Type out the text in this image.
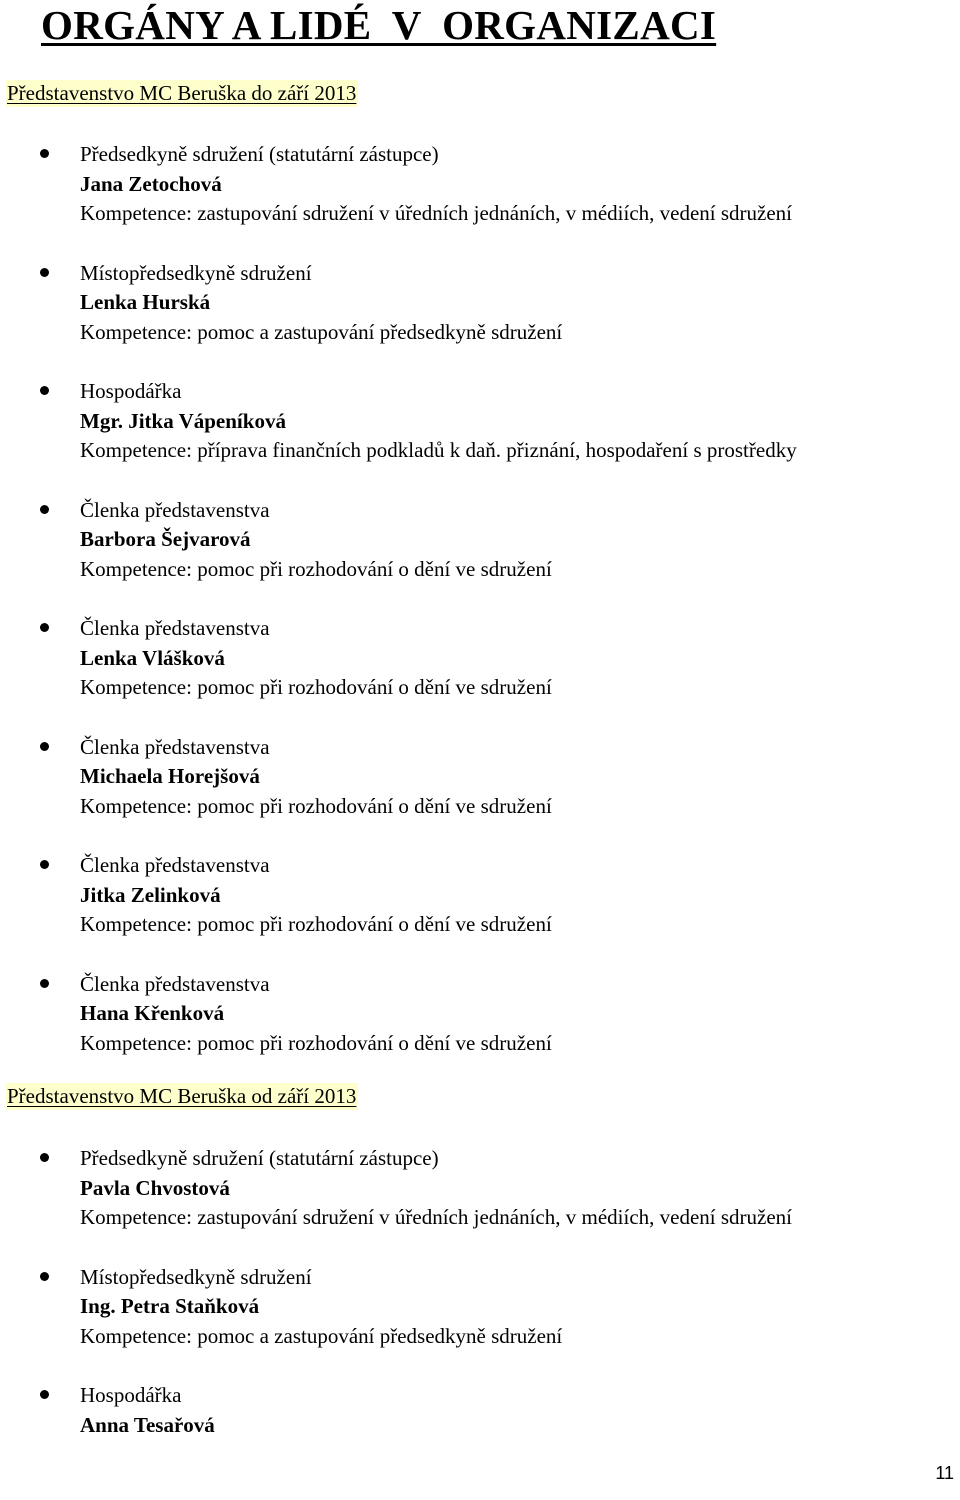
ORGÁNY A LIDÉ  V  ORGANIZACI
Představenstvo MC Beruška do září 2013
Předsedkyně sdružení (statutární zástupce)
Jana Zetochová
Kompetence: zastupování sdružení v úředních jednáních, v médiích, vedení sdružení
Místopředsedkyně sdružení
Lenka Hurská
Kompetence: pomoc a zastupování předsedkyně sdružení
Hospodářka
Mgr. Jitka Vápeníková
Kompetence: příprava finančních podkladů k daň. přiznání, hospodaření s prostředky
Členka představenstva
Barbora Šejvarová
Kompetence: pomoc při rozhodování o dění ve sdružení
Členka představenstva
Lenka Vlášková
Kompetence: pomoc při rozhodování o dění ve sdružení
Členka představenstva
Michaela Horejšová
Kompetence: pomoc při rozhodování o dění ve sdružení
Členka představenstva
Jitka Zelinková
Kompetence: pomoc při rozhodování o dění ve sdružení
Členka představenstva
Hana Křenková
Kompetence: pomoc při rozhodování o dění ve sdružení
Představenstvo MC Beruška od září 2013
Předsedkyně sdružení (statutární zástupce)
Pavla Chvostová
Kompetence: zastupování sdružení v úředních jednáních, v médiích, vedení sdružení
Místopředsedkyně sdružení
Ing. Petra Staňková
Kompetence: pomoc a zastupování předsedkyně sdružení
Hospodářka
Anna Tesařová
11
